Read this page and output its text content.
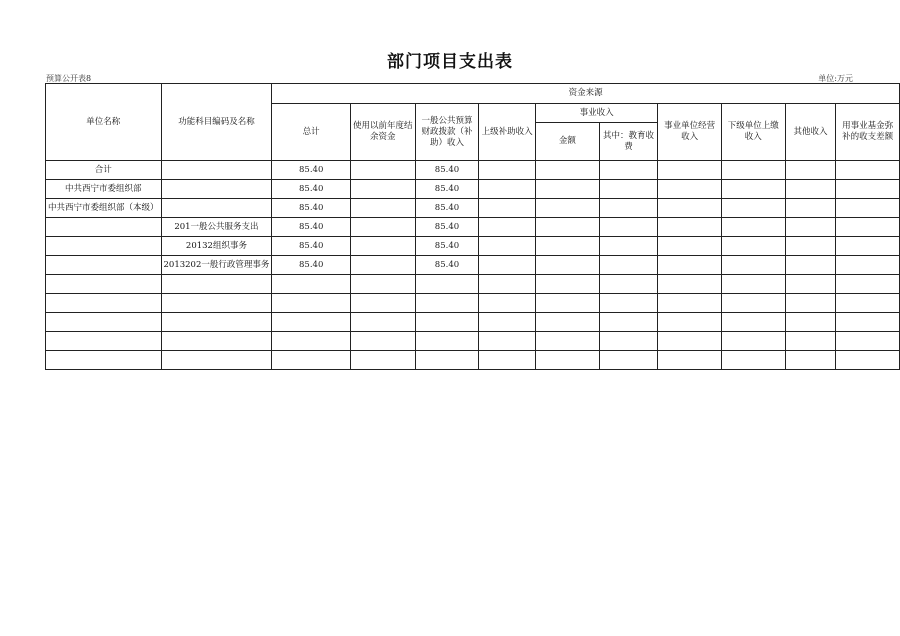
部门项目支出表
预算公开表8	单位:万元
单位名称	功能科目编码及名称	资金来源									
		总计	使用以前年度结余资金	一般公共预算财政拨款（补助）收入	上级补助收入	事业收入		事业单位经营收入	下级单位上缴收入	其他收入	用事业基金弥补的收支差额
						金额	其中：教育收费				
合计		85.40		85.40							
中共西宁市委组织部		85.40		85.40							
中共西宁市委组织部（本级）		85.40		85.40							
	201一般公共服务支出	85.40		85.40							
	20132组织事务	85.40		85.40							
	2013202一般行政管理事务	85.40		85.40							
